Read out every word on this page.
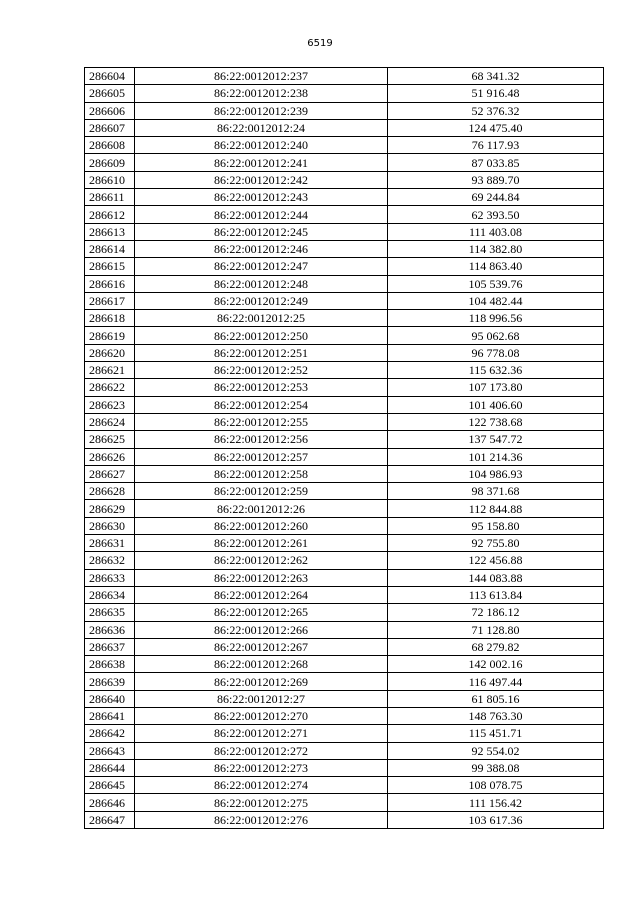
6519
286604	86:22:0012012:237	68 341.32
286605	86:22:0012012:238	51 916.48
286606	86:22:0012012:239	52 376.32
286607	86:22:0012012:24	124 475.40
286608	86:22:0012012:240	76 117.93
286609	86:22:0012012:241	87 033.85
286610	86:22:0012012:242	93 889.70
286611	86:22:0012012:243	69 244.84
286612	86:22:0012012:244	62 393.50
286613	86:22:0012012:245	111 403.08
286614	86:22:0012012:246	114 382.80
286615	86:22:0012012:247	114 863.40
286616	86:22:0012012:248	105 539.76
286617	86:22:0012012:249	104 482.44
286618	86:22:0012012:25	118 996.56
286619	86:22:0012012:250	95 062.68
286620	86:22:0012012:251	96 778.08
286621	86:22:0012012:252	115 632.36
286622	86:22:0012012:253	107 173.80
286623	86:22:0012012:254	101 406.60
286624	86:22:0012012:255	122 738.68
286625	86:22:0012012:256	137 547.72
286626	86:22:0012012:257	101 214.36
286627	86:22:0012012:258	104 986.93
286628	86:22:0012012:259	98 371.68
286629	86:22:0012012:26	112 844.88
286630	86:22:0012012:260	95 158.80
286631	86:22:0012012:261	92 755.80
286632	86:22:0012012:262	122 456.88
286633	86:22:0012012:263	144 083.88
286634	86:22:0012012:264	113 613.84
286635	86:22:0012012:265	72 186.12
286636	86:22:0012012:266	71 128.80
286637	86:22:0012012:267	68 279.82
286638	86:22:0012012:268	142 002.16
286639	86:22:0012012:269	116 497.44
286640	86:22:0012012:27	61 805.16
286641	86:22:0012012:270	148 763.30
286642	86:22:0012012:271	115 451.71
286643	86:22:0012012:272	92 554.02
286644	86:22:0012012:273	99 388.08
286645	86:22:0012012:274	108 078.75
286646	86:22:0012012:275	111 156.42
286647	86:22:0012012:276	103 617.36
